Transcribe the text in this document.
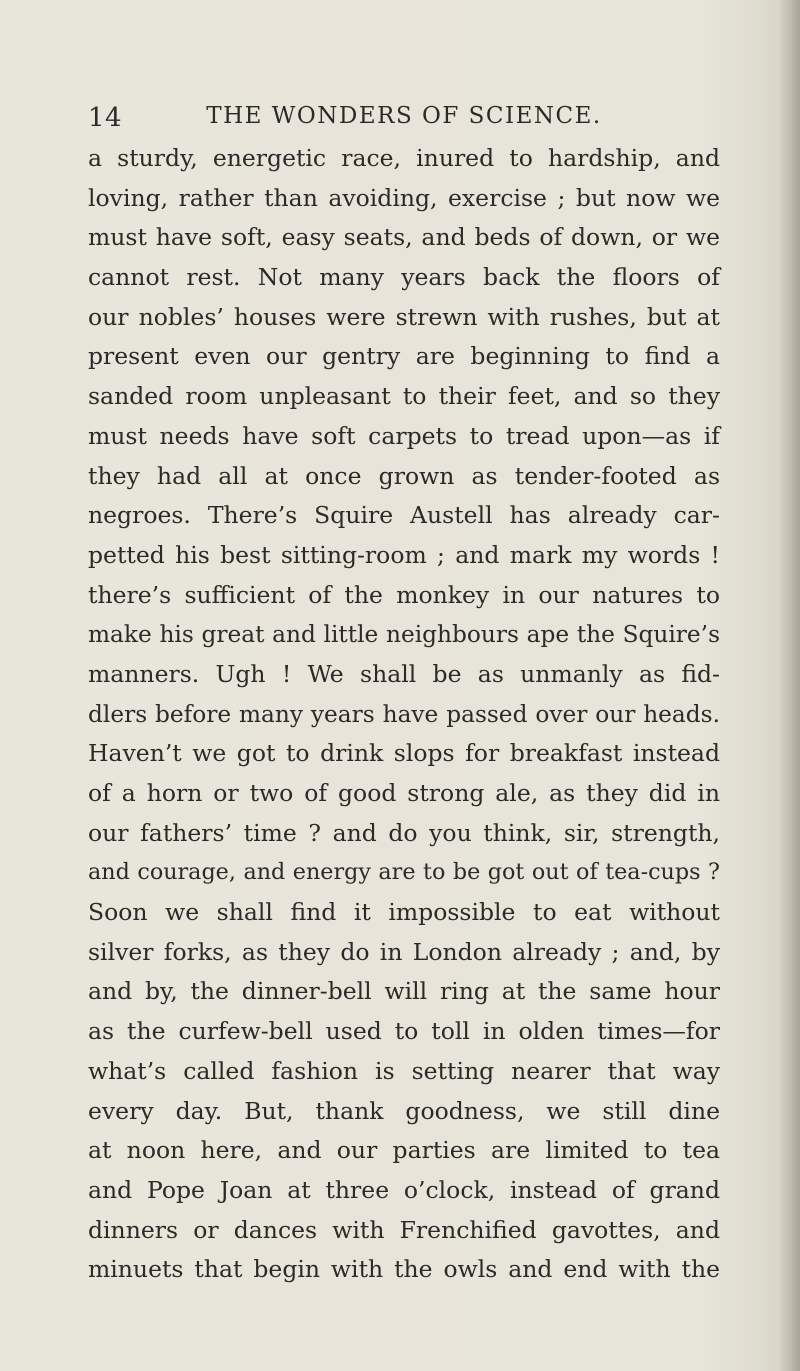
14	THE WONDERS OF SCIENCE.
a sturdy, energetic race, inured to hardship, and
loving, rather than avoiding, exercise ; but now we
must have soft, easy seats, and beds of down, or we
cannot rest. Not many years back the floors of
our nobles’ houses were strewn with rushes, but at
present even our gentry are beginning to find a
sanded room unpleasant to their feet, and so they
must needs have soft carpets to tread upon—as if
they had all at once grown as tender-footed as
negroes. There’s Squire Austell has already car-
petted his best sitting-room ; and mark my words !
there’s sufficient of the monkey in our natures to
make his great and little neighbours ape the Squire’s
manners. Ugh ! We shall be as unmanly as fid-
dlers before many years have passed over our heads.
Haven’t we got to drink slops for breakfast instead
of a horn or two of good strong ale, as they did in
our fathers’ time ? and do you think, sir, strength,
and courage, and energy are to be got out of tea-cups ?
Soon we shall find it impossible to eat without
silver forks, as they do in London already ; and, by
and by, the dinner-bell will ring at the same hour
as the curfew-bell used to toll in olden times—for
what’s called fashion is setting nearer that way
every day. But, thank goodness, we still dine
at noon here, and our parties are limited to tea
and Pope Joan at three o’clock, instead of grand
dinners or dances with Frenchified gavottes, and
minuets that begin with the owls and end with the
